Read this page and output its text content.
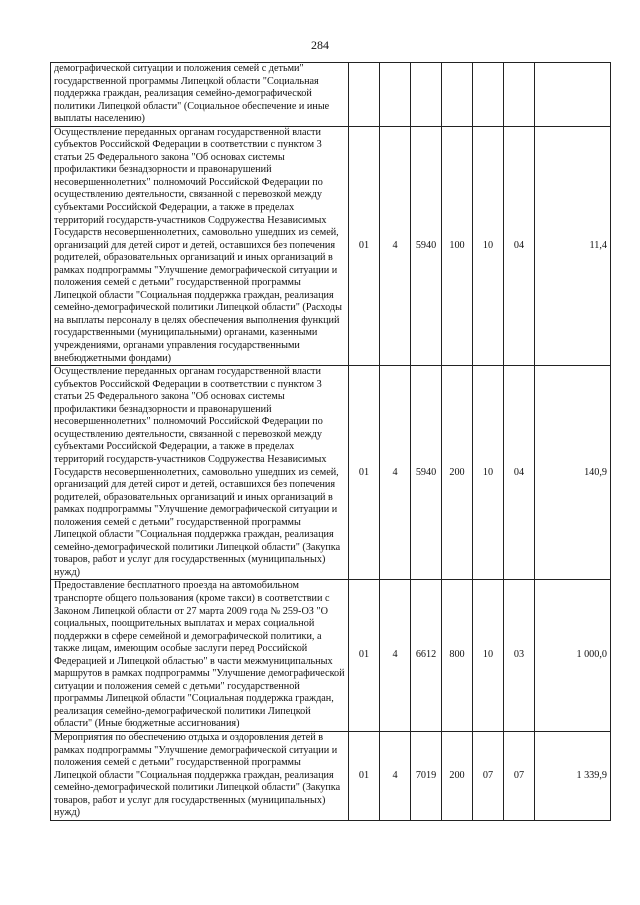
284
демографической ситуации и положения семей с детьми" государственной программы Липецкой области "Социальная поддержка граждан, реализация семейно-демографической политики Липецкой области" (Социальное обеспечение и иные выплаты населению)							
Осуществление переданных органам государственной власти субъектов Российской Федерации в соответствии с пунктом 3 статьи 25 Федерального закона "Об основах системы профилактики безнадзорности и правонарушений несовершеннолетних" полномочий Российской Федерации по осуществлению деятельности, связанной с перевозкой между субъектами Российской Федерации, а также в пределах территорий государств-участников Содружества Независимых Государств несовершеннолетних, самовольно ушедших из семей, организаций для детей сирот и детей, оставшихся без попечения родителей, образовательных организаций и иных организаций в рамках подпрограммы "Улучшение демографической ситуации и положения семей с детьми" государственной программы Липецкой области "Социальная поддержка граждан, реализация семейно-демографической политики Липецкой области" (Расходы на выплаты персоналу в целях обеспечения выполнения функций государственными (муниципальными) органами, казенными учреждениями, органами управления государственными внебюджетными фондами)	01	4	5940	100	10	04	11,4
Осуществление переданных органам государственной власти субъектов Российской Федерации в соответствии с пунктом 3 статьи 25 Федерального закона "Об основах системы профилактики безнадзорности и правонарушений несовершеннолетних" полномочий Российской Федерации по осуществлению деятельности, связанной с перевозкой между субъектами Российской Федерации, а также в пределах территорий государств-участников Содружества Независимых Государств несовершеннолетних, самовольно ушедших из семей, организаций для детей сирот и детей, оставшихся без попечения родителей, образовательных организаций и иных организаций в рамках подпрограммы "Улучшение демографической ситуации и положения семей с детьми" государственной программы Липецкой области "Социальная поддержка граждан, реализация семейно-демографической политики Липецкой области" (Закупка товаров, работ и услуг для государственных (муниципальных) нужд)	01	4	5940	200	10	04	140,9
Предоставление бесплатного проезда на автомобильном транспорте общего пользования (кроме такси) в соответствии с Законом Липецкой области от 27 марта 2009 года № 259-ОЗ "О социальных, поощрительных выплатах и мерах социальной поддержки в сфере семейной и демографической политики, а также лицам, имеющим особые заслуги перед Российской Федерацией и Липецкой областью" в части межмуниципальных маршрутов в рамках подпрограммы "Улучшение демографической ситуации и положения семей с детьми" государственной программы Липецкой области "Социальная поддержка граждан, реализация семейно-демографической политики Липецкой области" (Иные бюджетные ассигнования)	01	4	6612	800	10	03	1 000,0
Мероприятия по обеспечению отдыха и оздоровления детей в рамках подпрограммы "Улучшение демографической ситуации и положения семей с детьми" государственной программы Липецкой области "Социальная поддержка граждан, реализация семейно-демографической политики Липецкой области" (Закупка товаров, работ и услуг для государственных (муниципальных) нужд)	01	4	7019	200	07	07	1 339,9
